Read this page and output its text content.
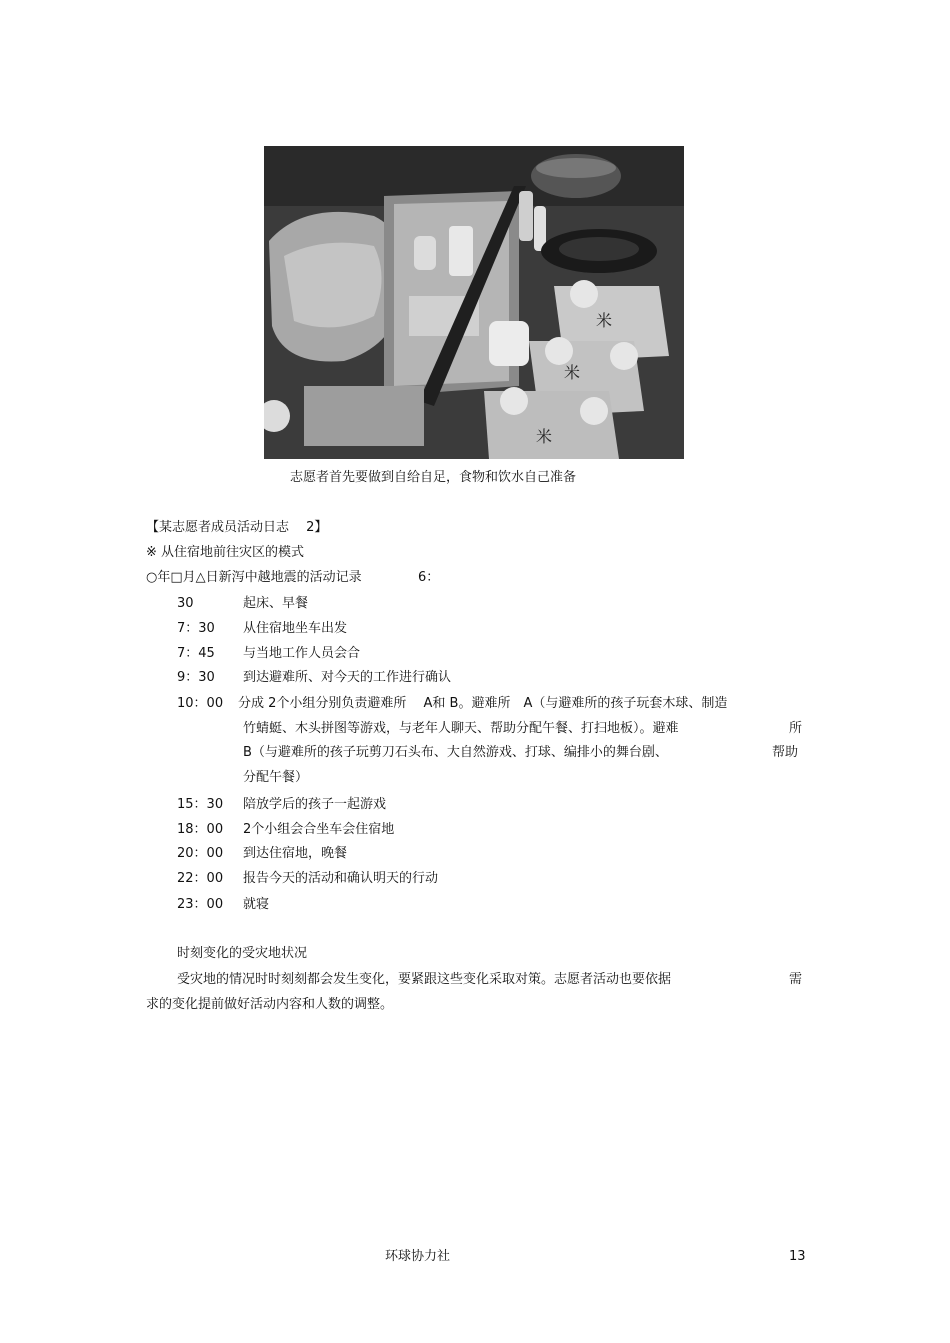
米
米
米
志愿者首先要做到自给自足，食物和饮水自己准备
【某志愿者成员活动日志　 2】
※ 从住宿地前往灾区的模式
○年□月△日新泻中越地震的活动记录	6：
30	起床、早餐
7：30 从住宿地坐车出发
7：45 与当地工作人员会合
9：30 到达避难所、对今天的工作进行确认
10：00 分成 2个小组分别负责避难所　 A和 B。避难所　A（与避难所的孩子玩套木球、制造
竹蜻蜓、木头拼图等游戏，与老年人聊天、帮助分配午餐、打扫地板）。避难	所
B（与避难所的孩子玩剪刀石头布、大自然游戏、打球、编排小的舞台剧、	帮助
分配午餐）
15：30 陪放学后的孩子一起游戏
18：00 2个小组会合坐车会住宿地
20：00 到达住宿地，晚餐
22：00 报告今天的活动和确认明天的行动
23：00 就寝
时刻变化的受灾地状况
受灾地的情况时时刻刻都会发生变化，要紧跟这些变化采取对策。志愿者活动也要依据	需
求的变化提前做好活动内容和人数的调整。
环球协力社	13
